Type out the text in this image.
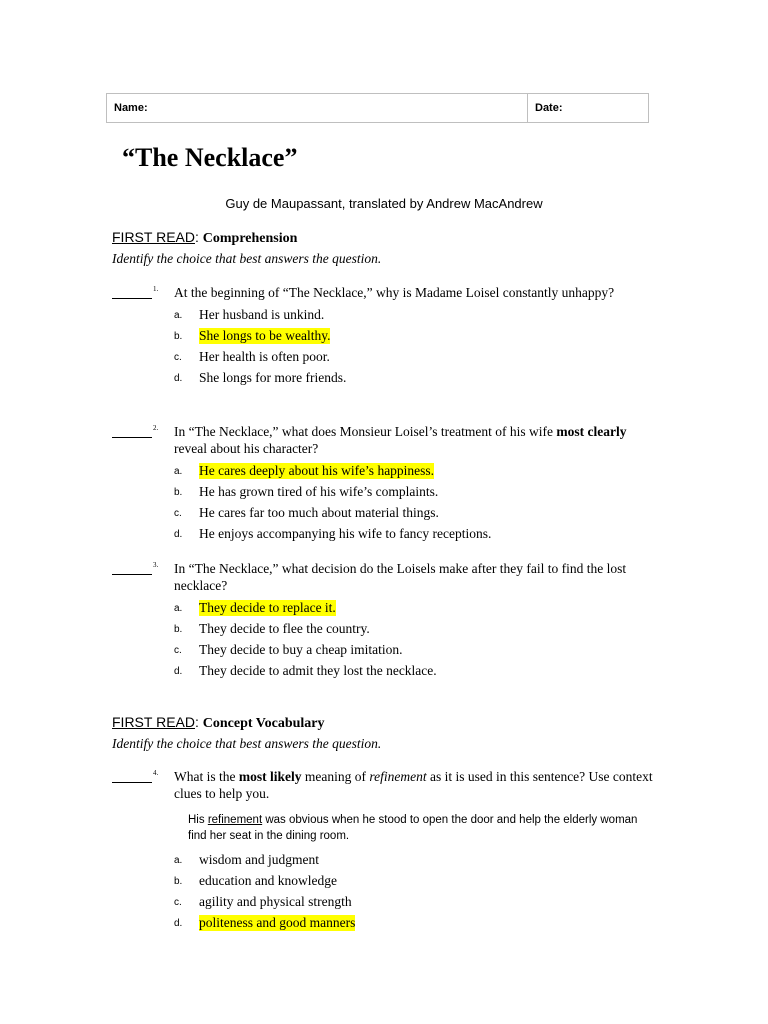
Name:	Date:
“The Necklace”
Guy de Maupassant, translated by Andrew MacAndrew
FIRST READ: Comprehension
Identify the choice that best answers the question.
1.	At the beginning of “The Necklace,” why is Madame Loisel constantly unhappy?
a.	Her husband is unkind.
b.	She longs to be wealthy.
c.	Her health is often poor.
d.	She longs for more friends.
2.	In “The Necklace,” what does Monsieur Loisel’s treatment of his wife most clearly reveal about his character?
a.	He cares deeply about his wife’s happiness.
b.	He has grown tired of his wife’s complaints.
c.	He cares far too much about material things.
d.	He enjoys accompanying his wife to fancy receptions.
3.	In “The Necklace,” what decision do the Loisels make after they fail to find the lost necklace?
a.	They decide to replace it.
b.	They decide to flee the country.
c.	They decide to buy a cheap imitation.
d.	They decide to admit they lost the necklace.
FIRST READ: Concept Vocabulary
Identify the choice that best answers the question.
4.	What is the most likely meaning of refinement as it is used in this sentence? Use context clues to help you.
His refinement was obvious when he stood to open the door and help the elderly woman find her seat in the dining room.
a.	wisdom and judgment
b.	education and knowledge
c.	agility and physical strength
d.	politeness and good manners
